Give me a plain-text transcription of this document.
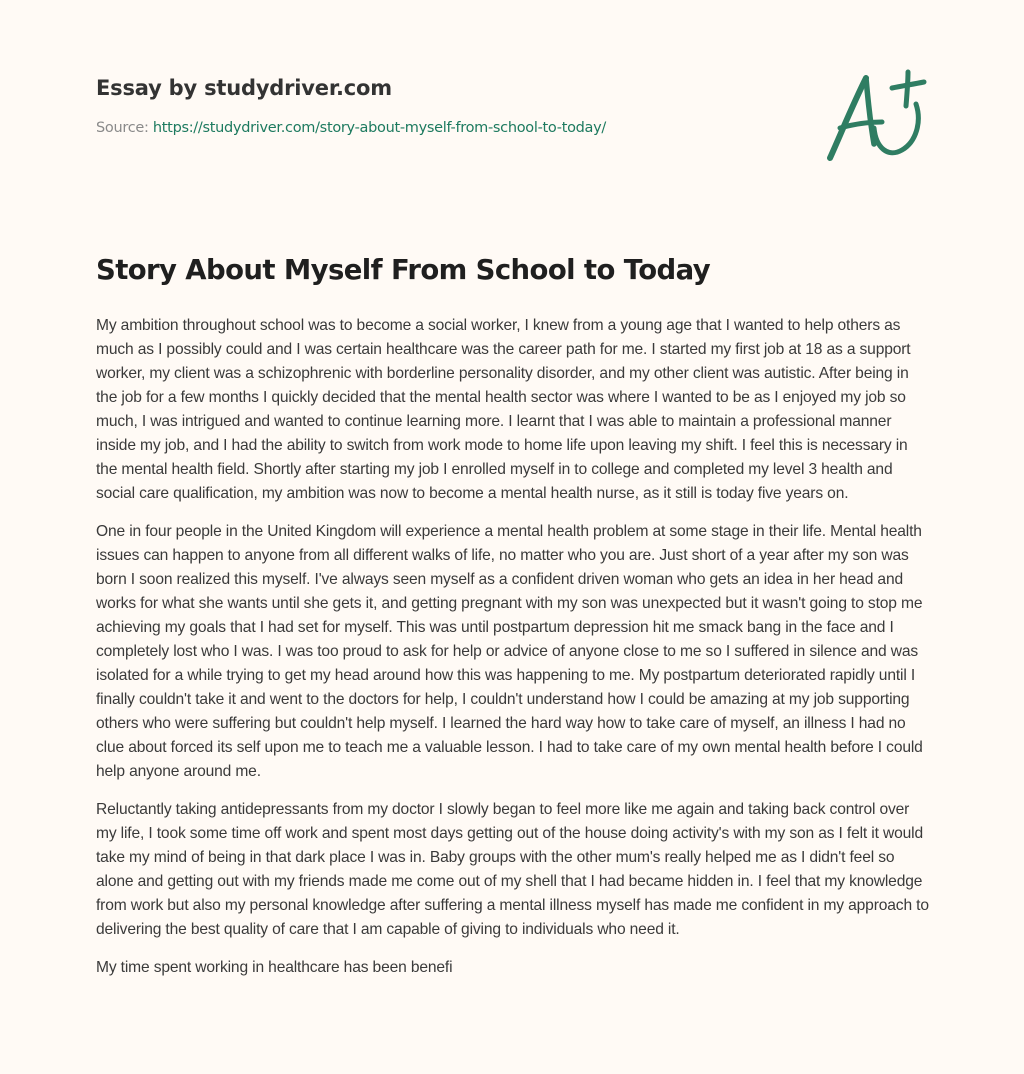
Essay by studydriver.com
Source: https://studydriver.com/story-about-myself-from-school-to-today/
Story About Myself From School to Today

My ambition throughout school was to become a social worker, I knew from a young age that I wanted to help others as much as I possibly could and I was certain healthcare was the career path for me. I started my first job at 18 as a support worker, my client was a schizophrenic with borderline personality disorder, and my other client was autistic. After being in the job for a few months I quickly decided that the mental health sector was where I wanted to be as I enjoyed my job so much, I was intrigued and wanted to continue learning more. I learnt that I was able to maintain a professional manner inside my job, and I had the ability to switch from work mode to home life upon leaving my shift. I feel this is necessary in the mental health field. Shortly after starting my job I enrolled myself in to college and completed my level 3 health and social care qualification, my ambition was now to become a mental health nurse, as it still is today five years on.

One in four people in the United Kingdom will experience a mental health problem at some stage in their life. Mental health issues can happen to anyone from all different walks of life, no matter who you are. Just short of a year after my son was born I soon realized this myself. I've always seen myself as a confident driven woman who gets an idea in her head and works for what she wants until she gets it, and getting pregnant with my son was unexpected but it wasn't going to stop me achieving my goals that I had set for myself. This was until postpartum depression hit me smack bang in the face and I completely lost who I was. I was too proud to ask for help or advice of anyone close to me so I suffered in silence and was isolated for a while trying to get my head around how this was happening to me. My postpartum deteriorated rapidly until I finally couldn't take it and went to the doctors for help, I couldn't understand how I could be amazing at my job supporting others who were suffering but couldn't help myself. I learned the hard way how to take care of myself, an illness I had no clue about forced its self upon me to teach me a valuable lesson. I had to take care of my own mental health before I could help anyone around me.

Reluctantly taking antidepressants from my doctor I slowly began to feel more like me again and taking back control over my life, I took some time off work and spent most days getting out of the house doing activity's with my son as I felt it would take my mind of being in that dark place I was in. Baby groups with the other mum's really helped me as I didn't feel so alone and getting out with my friends made me come out of my shell that I had became hidden in. I feel that my knowledge from work but also my personal knowledge after suffering a mental illness myself has made me confident in my approach to delivering the best quality of care that I am capable of giving to individuals who need it.

My time spent working in healthcare has been benefi
